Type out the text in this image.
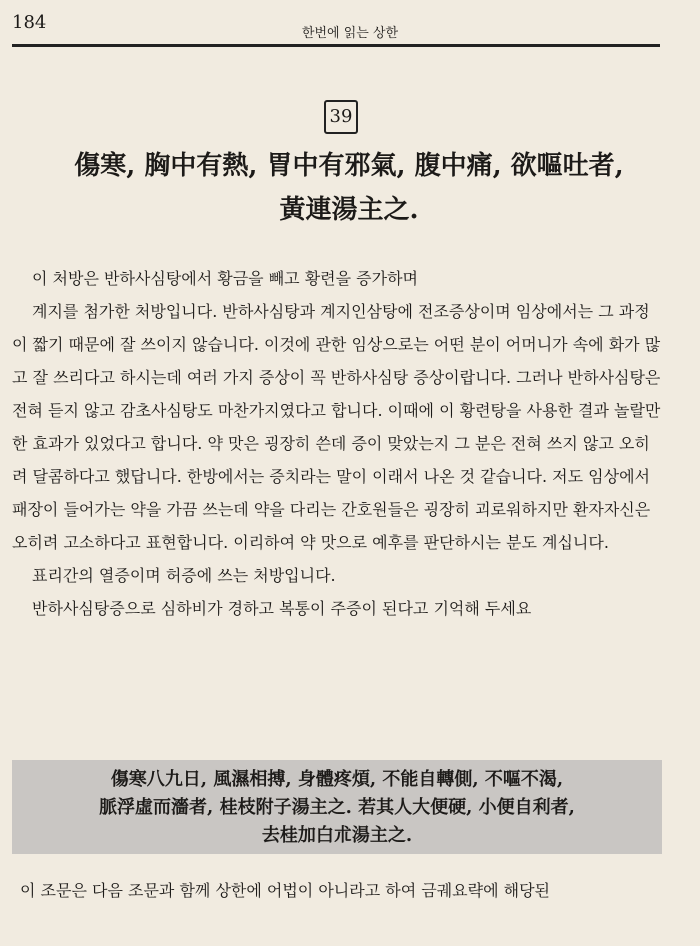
184
한번에 읽는 상한
39
傷寒, 胸中有熱, 胃中有邪氣, 腹中痛, 欲嘔吐者,
黃連湯主之.

이 처방은 반하사심탕에서 황금을 빼고 황련을 증가하며

계지를 첨가한 처방입니다. 반하사심탕과 계지인삼탕에 전조증상이며 임상에서는 그 과정이 짧기 때문에 잘 쓰이지 않습니다. 이것에 관한 임상으로는 어떤 분이 어머니가 속에 화가 많고 잘 쓰리다고 하시는데 여러 가지 증상이 꼭 반하사심탕 증상이랍니다. 그러나 반하사심탕은 전혀 듣지 않고 감초사심탕도 마찬가지였다고 합니다. 이때에 이 황련탕을 사용한 결과 놀랄만한 효과가 있었다고 합니다. 약 맛은 굉장히 쓴데 증이 맞았는지 그 분은 전혀 쓰지 않고 오히려 달콤하다고 했답니다. 한방에서는 증치라는 말이 이래서 나온 것 같습니다. 저도 임상에서 패장이 들어가는 약을 가끔 쓰는데 약을 다리는 간호원들은 굉장히 괴로워하지만 환자자신은 오히려 고소하다고 표현합니다. 이리하여 약 맛으로 예후를 판단하시는 분도 계십니다.

표리간의 열증이며 허증에 쓰는 처방입니다.

반하사심탕증으로 심하비가 경하고 복통이 주증이 된다고 기억해 두세요

傷寒八九日, 風濕相搏, 身體疼煩, 不能自轉側, 不嘔不渴,
脈浮虛而濇者, 桂枝附子湯主之. 若其人大便硬, 小便自利者,
去桂加白朮湯主之.
이 조문은 다음 조문과 함께 상한에 어법이 아니라고 하여 금궤요략에 해당된
